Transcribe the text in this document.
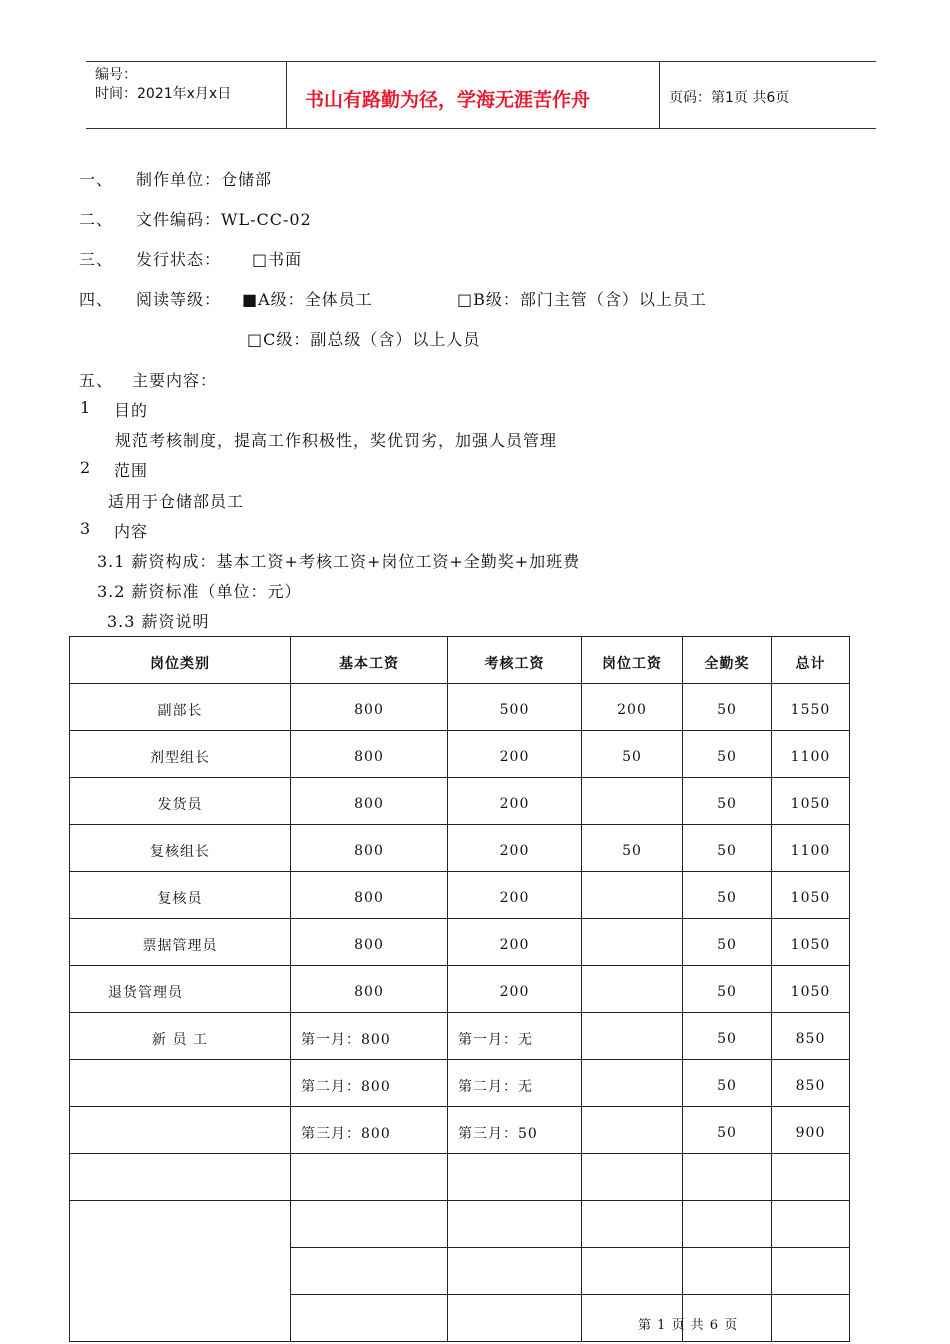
编号：
时间：2021年x月x日	书山有路勤为径，学海无涯苦作舟	页码：第1页 共6页
一、 制作单位：仓储部
二、 文件编码：WL-CC-02
三、 发行状态： □书面
四、 阅读等级： ■A级：全体员工	□B级：部门主管（含）以上员工
□C级：副总级（含）以上人员
五、 主要内容：
1 目的
规范考核制度，提高工作积极性，奖优罚劣，加强人员管理
2 范围
适用于仓储部员工
3 内容
3.1 薪资构成：基本工资+考核工资+岗位工资+全勤奖+加班费
3.2 薪资标准（单位：元）
3.3 薪资说明
岗位类别	基本工资	考核工资	岗位工资	全勤奖	总计
副部长	800	500	200	50	1550
剂型组长	800	200	50	50	1100
发货员	800	200		50	1050
复核组长	800	200	50	50	1100
复核员	800	200		50	1050
票据管理员	800	200		50	1050
退货管理员	800	200		50	1050
新 员 工	第一月：800	第一月：无		50	850
	第二月：800	第二月：无		50	850
	第三月：800	第三月：50		50	900

第 1 页 共 6 页
